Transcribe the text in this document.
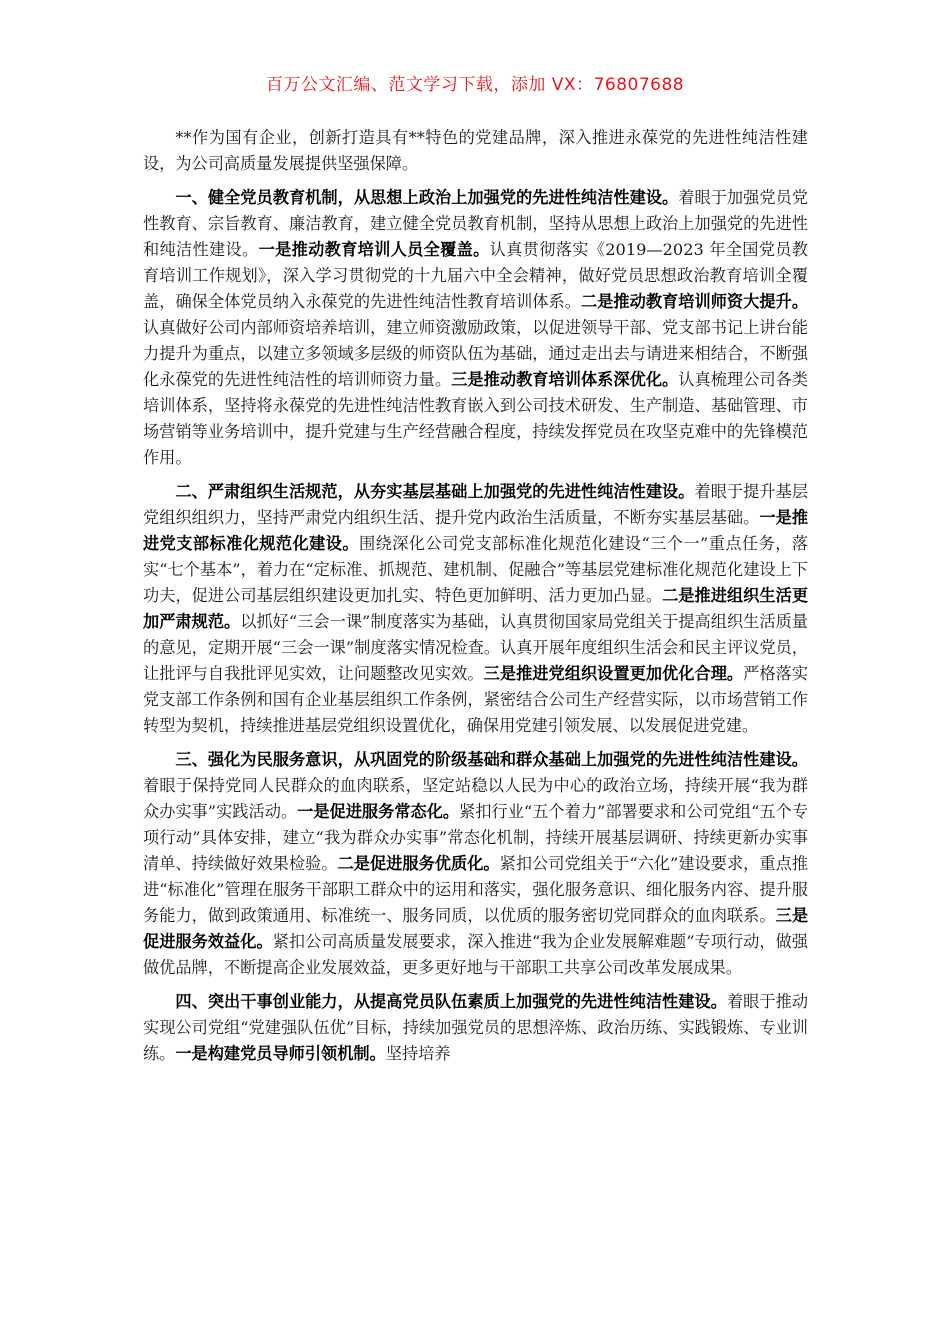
百万公文汇编、范文学习下载，添加 VX：76807688

**作为国有企业，创新打造具有**特色的党建品牌，深入推进永葆党的先进性纯洁性建设，为公司高质量发展提供坚强保障。

一、健全党员教育机制，从思想上政治上加强党的先进性纯洁性建设。着眼于加强党员党性教育、宗旨教育、廉洁教育，建立健全党员教育机制，坚持从思想上政治上加强党的先进性和纯洁性建设。一是推动教育培训人员全覆盖。认真贯彻落实《2019—2023 年全国党员教育培训工作规划》，深入学习贯彻党的十九届六中全会精神，做好党员思想政治教育培训全覆盖，确保全体党员纳入永葆党的先进性纯洁性教育培训体系。二是推动教育培训师资大提升。认真做好公司内部师资培养培训，建立师资激励政策，以促进领导干部、党支部书记上讲台能力提升为重点，以建立多领域多层级的师资队伍为基础，通过走出去与请进来相结合，不断强化永葆党的先进性纯洁性的培训师资力量。三是推动教育培训体系深优化。认真梳理公司各类培训体系，坚持将永葆党的先进性纯洁性教育嵌入到公司技术研发、生产制造、基础管理、市场营销等业务培训中，提升党建与生产经营融合程度，持续发挥党员在攻坚克难中的先锋模范作用。

二、严肃组织生活规范，从夯实基层基础上加强党的先进性纯洁性建设。着眼于提升基层党组织组织力，坚持严肃党内组织生活、提升党内政治生活质量，不断夯实基层基础。一是推进党支部标准化规范化建设。围绕深化公司党支部标准化规范化建设“三个一”重点任务，落实“七个基本”，着力在“定标准、抓规范、建机制、促融合”等基层党建标准化规范化建设上下功夫，促进公司基层组织建设更加扎实、特色更加鲜明、活力更加凸显。二是推进组织生活更加严肃规范。以抓好“三会一课”制度落实为基础，认真贯彻国家局党组关于提高组织生活质量的意见，定期开展“三会一课”制度落实情况检查。认真开展年度组织生活会和民主评议党员，让批评与自我批评见实效，让问题整改见实效。三是推进党组织设置更加优化合理。严格落实党支部工作条例和国有企业基层组织工作条例，紧密结合公司生产经营实际，以市场营销工作转型为契机，持续推进基层党组织设置优化，确保用党建引领发展、以发展促进党建。

三、强化为民服务意识，从巩固党的阶级基础和群众基础上加强党的先进性纯洁性建设。着眼于保持党同人民群众的血肉联系，坚定站稳以人民为中心的政治立场，持续开展“我为群众办实事”实践活动。一是促进服务常态化。紧扣行业“五个着力”部署要求和公司党组“五个专项行动”具体安排，建立“我为群众办实事”常态化机制，持续开展基层调研、持续更新办实事清单、持续做好效果检验。二是促进服务优质化。紧扣公司党组关于“六化”建设要求，重点推进“标准化”管理在服务干部职工群众中的运用和落实，强化服务意识、细化服务内容、提升服务能力，做到政策通用、标准统一、服务同质，以优质的服务密切党同群众的血肉联系。三是促进服务效益化。紧扣公司高质量发展要求，深入推进“我为企业发展解难题”专项行动，做强做优品牌，不断提高企业发展效益，更多更好地与干部职工共享公司改革发展成果。

四、突出干事创业能力，从提高党员队伍素质上加强党的先进性纯洁性建设。着眼于推动实现公司党组“党建强队伍优”目标，持续加强党员的思想淬炼、政治历练、实践锻炼、专业训练。一是构建党员导师引领机制。坚持培养
